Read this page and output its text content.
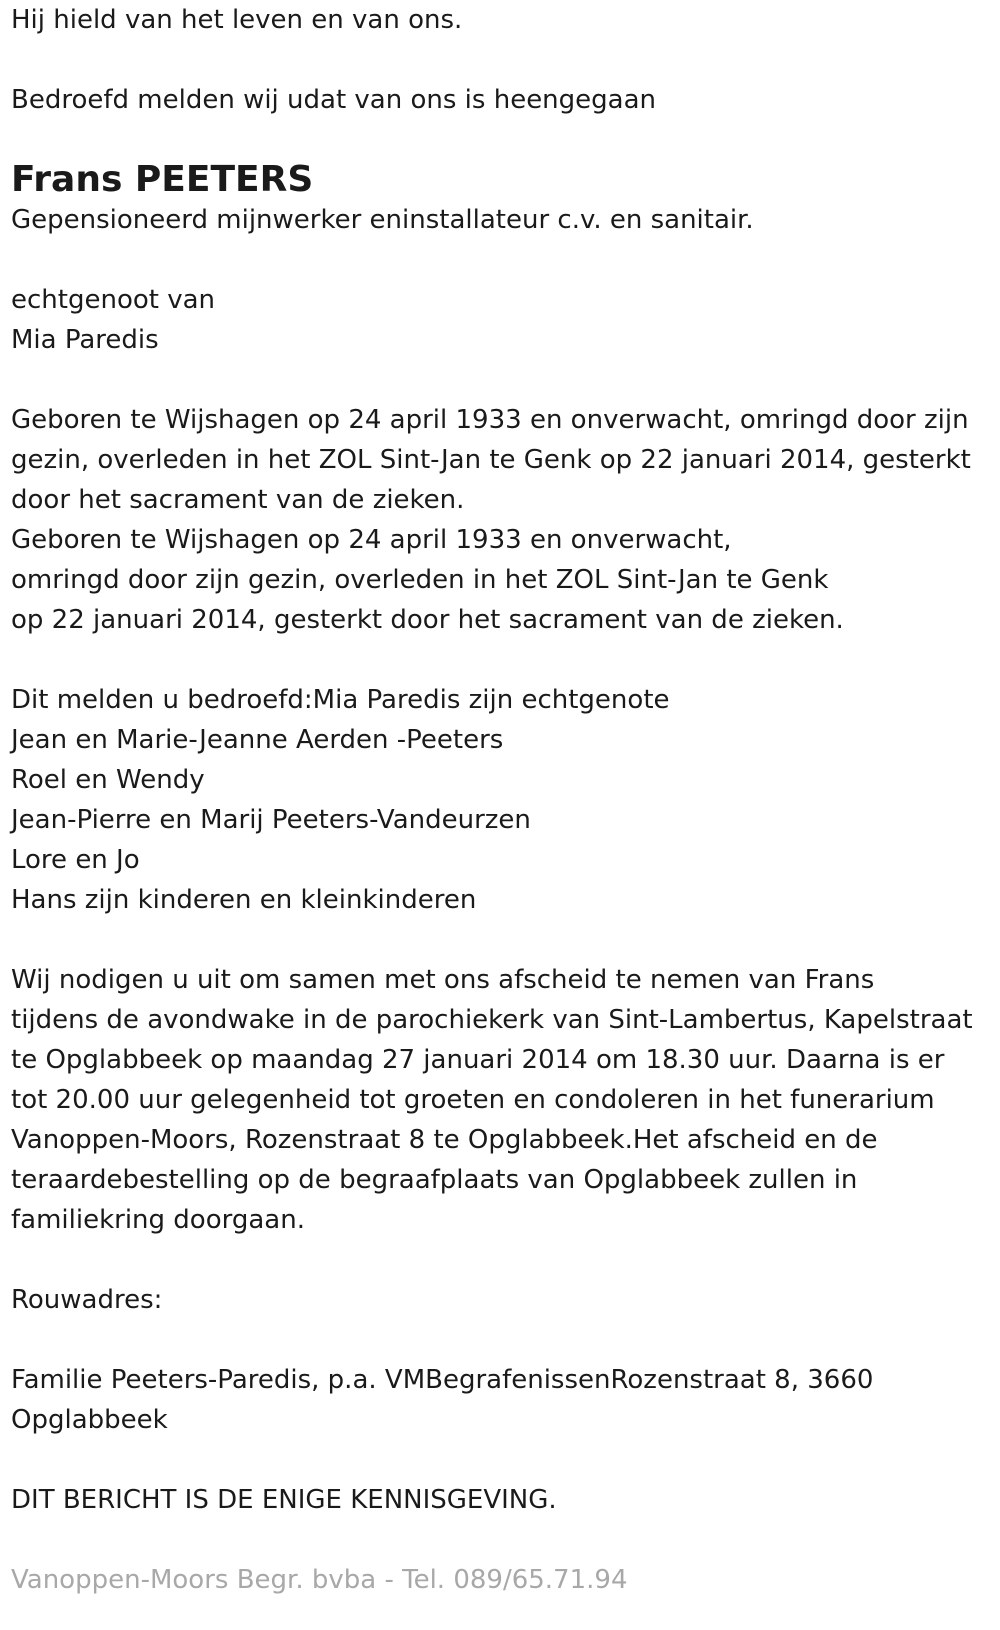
Hij hield van het leven en van ons.
Bedroefd melden wij udat van ons is heengegaan
Frans PEETERS
Gepensioneerd mijnwerker eninstallateur c.v. en sanitair.
echtgenoot van
Mia Paredis
Geboren te Wijshagen op 24 april 1933 en onverwacht, omringd door zijn
gezin, overleden in het ZOL Sint-Jan te Genk op 22 januari 2014, gesterkt
door het sacrament van de zieken.
Geboren te Wijshagen op 24 april 1933 en onverwacht,
omringd door zijn gezin, overleden in het ZOL Sint-Jan te Genk
op 22 januari 2014, gesterkt door het sacrament van de zieken.
Dit melden u bedroefd:Mia Paredis zijn echtgenote
Jean en Marie-Jeanne Aerden -Peeters
Roel en Wendy
Jean-Pierre en Marij Peeters-Vandeurzen
Lore en Jo
Hans zijn kinderen en kleinkinderen
Wij nodigen u uit om samen met ons afscheid te nemen van Frans
tijdens de avondwake in de parochiekerk van Sint-Lambertus, Kapelstraat
te Opglabbeek op maandag 27 januari 2014 om 18.30 uur. Daarna is er
tot 20.00 uur gelegenheid tot groeten en condoleren in het funerarium
Vanoppen-Moors, Rozenstraat 8 te Opglabbeek.Het afscheid en de
teraardebestelling op de begraafplaats van Opglabbeek zullen in
familiekring doorgaan.
Rouwadres:
Familie Peeters-Paredis, p.a. VMBegrafenissenRozenstraat 8, 3660
Opglabbeek
DIT BERICHT IS DE ENIGE KENNISGEVING.
Vanoppen-Moors Begr. bvba - Tel. 089/65.71.94
